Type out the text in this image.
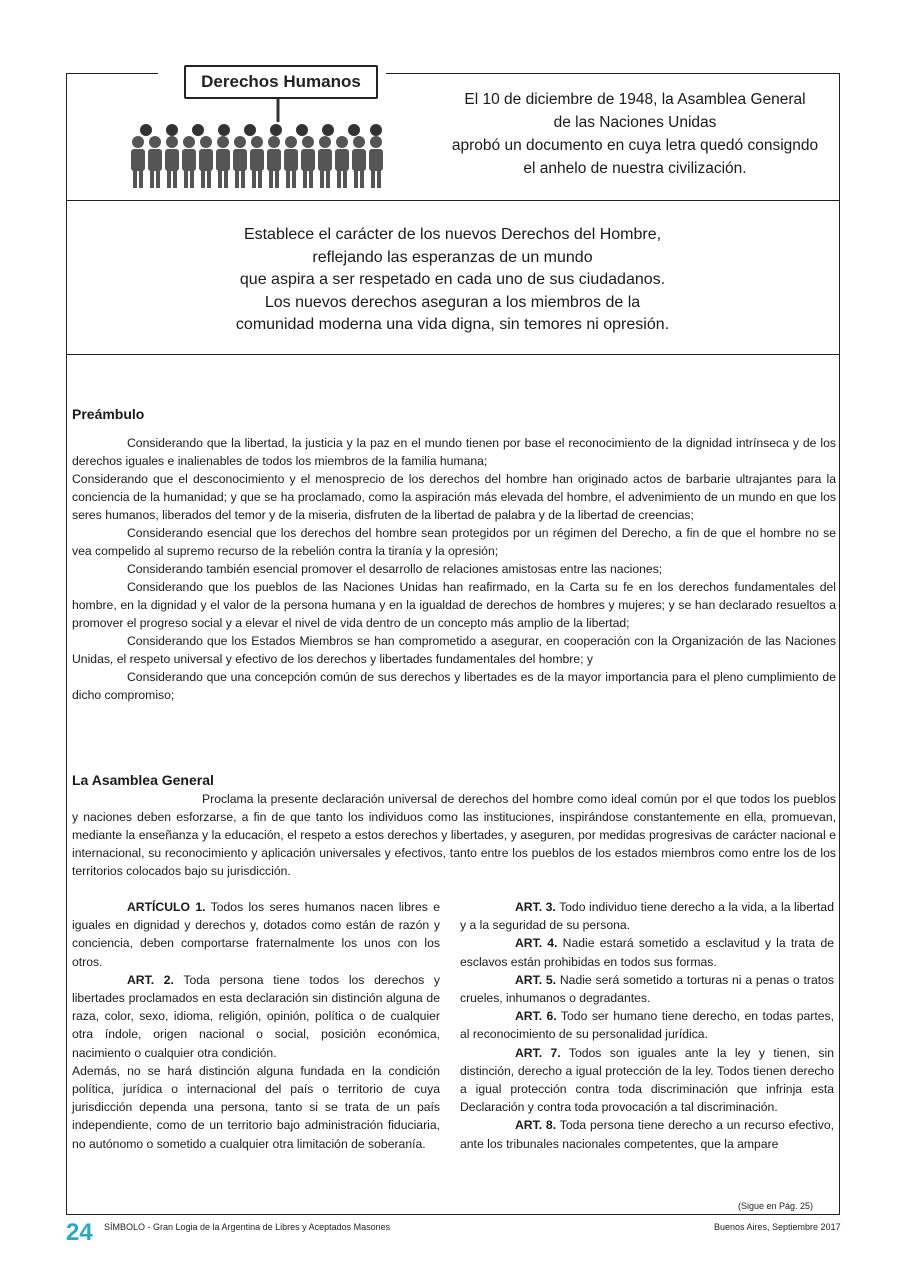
Derechos Humanos

El 10 de diciembre de 1948, la Asamblea General

de las Naciones Unidas

aprobó un documento en cuya letra quedó consigndo

el anhelo de nuestra civilización.

Establece el carácter de los nuevos Derechos del Hombre,

reflejando las esperanzas de un mundo

que aspira a ser respetado en cada uno de sus ciudadanos.

Los nuevos derechos aseguran a los miembros de la

comunidad moderna una vida digna, sin temores ni opresión.

Preámbulo

Considerando que la libertad, la justicia y la paz en el mundo tienen por base el reconocimiento de la dignidad intrínseca y de los derechos iguales e inalienables de todos los miembros de la familia humana;

Considerando que el desconocimiento y el menosprecio de los derechos del hombre han originado actos de barbarie ultrajantes para la conciencia de la humanidad; y que se ha proclamado, como la aspiración más elevada del hombre, el advenimiento de un mundo en que los seres humanos, liberados del temor y de la miseria, disfruten de la libertad de palabra y de la libertad de creencias;

Considerando esencial que los derechos del hombre sean protegidos por un régimen del Derecho, a fin de que el hombre no se vea compelido al supremo recurso de la rebelión contra la tiranía y la opresión;

Considerando también esencial promover el desarrollo de relaciones amistosas entre las naciones;

Considerando que los pueblos de las Naciones Unidas han reafirmado, en la Carta su fe en los derechos fundamentales del hombre, en la dignidad y el valor de la persona humana y en la igualdad de derechos de hombres y mujeres; y se han declarado resueltos a promover el progreso social y a elevar el nivel de vida dentro de un concepto más amplio de la libertad;

Considerando que los Estados Miembros se han comprometido a asegurar, en cooperación con la Organización de las Naciones Unidas, el respeto universal y efectivo de los derechos y libertades fundamentales del hombre; y

Considerando que una concepción común de sus derechos y libertades es de la mayor importancia para el pleno cumplimiento de dicho compromiso;

La Asamblea General

Proclama la presente declaración universal de derechos del hombre como ideal común por el que todos los pueblos y naciones deben esforzarse, a fin de que tanto los individuos como las instituciones, inspirándose constantemente en ella, promuevan, mediante la enseñanza y la educación, el respeto a estos derechos y libertades, y aseguren, por medidas progresivas de carácter nacional e internacional, su reconocimiento y aplicación universales y efectivos, tanto entre los pueblos de los estados miembros como entre los de los territorios colocados bajo su jurisdicción.

ARTÍCULO 1. Todos los seres humanos nacen libres e iguales en dignidad y derechos y, dotados como están de razón y conciencia, deben comportarse fraternalmente los unos con los otros.

ART. 2. Toda persona tiene todos los derechos y libertades proclamados en esta declaración sin distinción alguna de raza, color, sexo, idioma, religión, opinión, política o de cualquier otra índole, origen nacional o social, posición económica, nacimiento o cualquier otra condición.

Además, no se hará distinción alguna fundada en la condición política, jurídica o internacional del país o territorio de cuya jurisdicción dependa una persona, tanto si se trata de un país independiente, como de un territorio bajo administración fiduciaria, no autónomo o sometido a cualquier otra limitación de soberanía.

ART. 3. Todo individuo tiene derecho a la vida, a la libertad y a la seguridad de su persona.

ART. 4. Nadie estará sometido a esclavitud y la trata de esclavos están prohibidas en todos sus formas.

ART. 5. Nadie será sometido a torturas ni a penas o tratos crueles, inhumanos o degradantes.

ART. 6. Todo ser humano tiene derecho, en todas partes, al reconocimiento de su personalidad jurídica.

ART. 7. Todos son iguales ante la ley y tienen, sin distinción, derecho a igual protección de la ley. Todos tienen derecho a igual protección contra toda discriminación que infrinja esta Declaración y contra toda provocación a tal discriminación.

ART. 8. Toda persona tiene derecho a un recurso efectivo, ante los tribunales nacionales competentes, que la ampare

(Sigue en Pág. 25)
24 SÍMBOLO - Gran Logia de la Argentina de Libres y Aceptados Masones	Buenos Aires, Septiembre 2017
